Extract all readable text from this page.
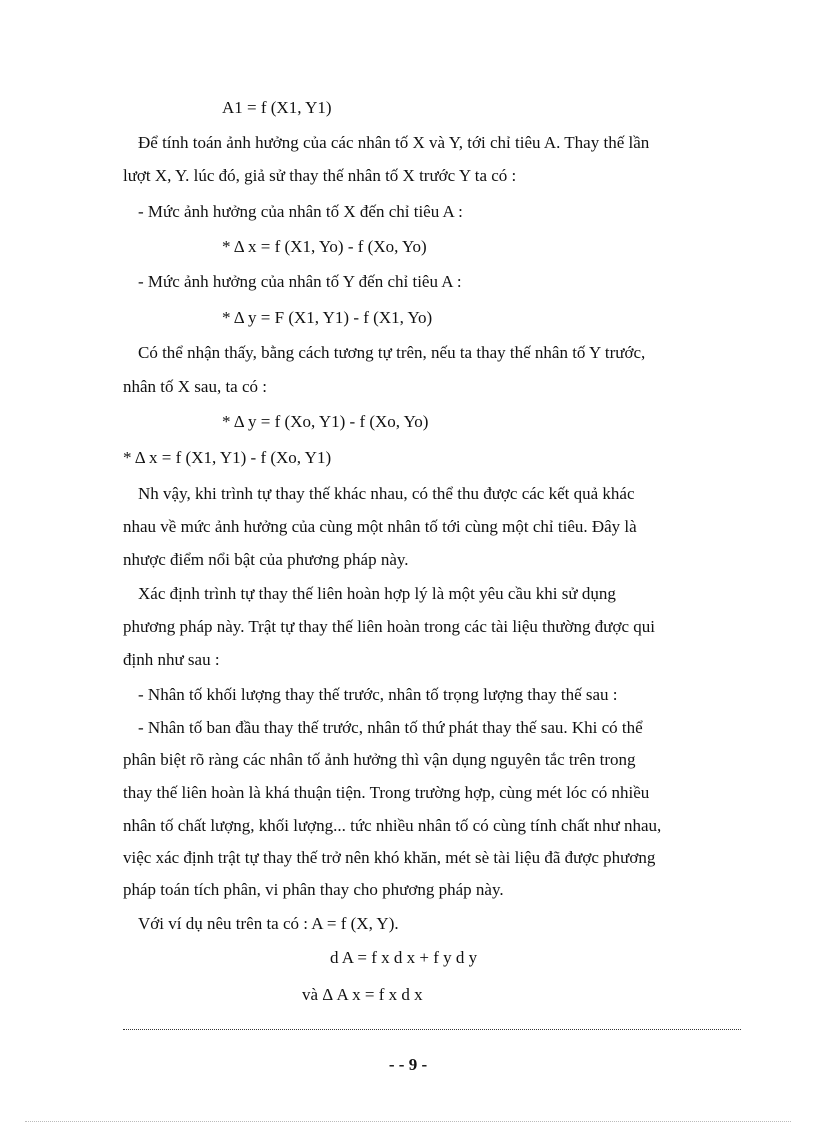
A1 = f (X1, Y1)
Để tính toán ảnh hưởng của các nhân tố X và Y, tới chỉ tiêu A. Thay thế lần
lượt X, Y. lúc đó, giả sử thay thế nhân tố X trước Y ta có :
- Mức ảnh hưởng của nhân tố X đến chỉ tiêu A :
* Δ x = f (X1, Yo) - f (Xo, Yo)
- Mức ảnh hưởng của nhân tố Y đến chỉ tiêu A :
* Δ y = F (X1, Y1) - f (X1, Yo)
Có thể nhận thấy, bằng cách tương tự trên, nếu ta thay thế nhân tố Y trước,
nhân tố X sau, ta có :
* Δ y = f (Xo, Y1) - f (Xo, Yo)
* Δ x = f (X1, Y1) - f (Xo, Y1)
Nh vậy, khi trình tự thay thế khác nhau, có thể thu được các kết quả khác
nhau về mức ảnh hưởng của cùng một nhân tố tới cùng một chỉ tiêu. Đây là
nhược điểm nổi bật của phương pháp này.
Xác định trình tự thay thế liên hoàn hợp lý là một yêu cầu khi sử dụng
phương pháp này. Trật tự thay thế liên hoàn trong các tài liệu thường được qui
định như sau :
- Nhân tố khối lượng thay thế trước, nhân tố trọng lượng thay thế sau :
- Nhân tố ban đầu thay thế trước, nhân tố thứ phát thay thế sau. Khi có thể
phân biệt rõ ràng các nhân tố ảnh hưởng thì vận dụng nguyên tắc trên trong
thay thế liên hoàn là khá thuận tiện. Trong trường hợp, cùng mét lóc có nhiều
nhân tố chất lượng, khối lượng... tức nhiều nhân tố có cùng tính chất như nhau,
việc xác định trật tự thay thế trở nên khó khăn, mét sè tài liệu đã được phương
pháp toán tích phân, vi phân thay cho phương pháp này.
Với ví dụ nêu trên ta có : A = f (X, Y).
d A = f x d x + f y d y
và Δ A x = f x d x
- - 9 -
